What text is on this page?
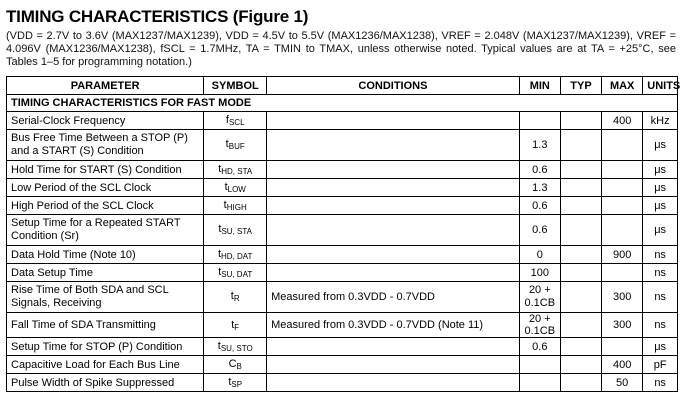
TIMING CHARACTERISTICS (Figure 1)
(VDD = 2.7V to 3.6V (MAX1237/MAX1239), VDD = 4.5V to 5.5V (MAX1236/MAX1238), VREF = 2.048V (MAX1237/MAX1239), VREF = 4.096V (MAX1236/MAX1238), fSCL = 1.7MHz, TA = TMIN to TMAX, unless otherwise noted. Typical values are at TA = +25°C, see Tables 1–5 for programming notation.)
PARAMETER	SYMBOL	CONDITIONS	MIN	TYP	MAX	UNITS
TIMING CHARACTERISTICS FOR FAST MODE						
Serial-Clock Frequency	$f_{SCL}$				400	kHz
Bus Free Time Between a STOP (P) and a START (S) Condition	$t_{BUF}$		1.3			μs
Hold Time for START (S) Condition	$t_{HD, STA}$		0.6			μs
Low Period of the SCL Clock	$t_{LOW}$		1.3			μs
High Period of the SCL Clock	$t_{HIGH}$		0.6			μs
Setup Time for a Repeated START Condition (Sr)	$t_{SU, STA}$		0.6			μs
Data Hold Time (Note 10)	$t_{HD, DAT}$		0		900	ns
Data Setup Time	$t_{SU, DAT}$		100			ns
Rise Time of Both SDA and SCL Signals, Receiving	$t_R$	Measured from 0.3VDD - 0.7VDD	20 + 0.1CB		300	ns
Fall Time of SDA Transmitting	$t_F$	Measured from 0.3VDD - 0.7VDD (Note 11)	20 + 0.1CB		300	ns
Setup Time for STOP (P) Condition	$t_{SU, STO}$		0.6			μs
Capacitive Load for Each Bus Line	$C_B$				400	pF
Pulse Width of Spike Suppressed	$t_{SP}$				50	ns
